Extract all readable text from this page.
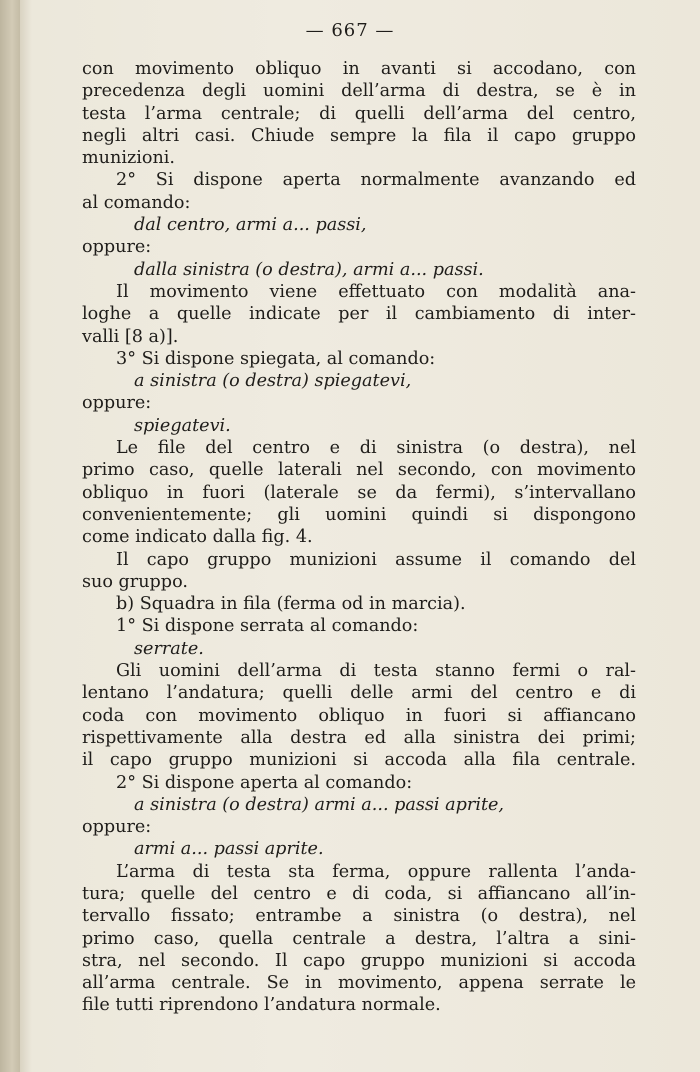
— 667 —
con movimento obliquo in avanti si accodano, con
precedenza degli uomini dell’arma di destra, se è in
testa l’arma centrale; di quelli dell’arma del centro,
negli altri casi. Chiude sempre la fila il capo gruppo
munizioni.
2° Si dispone aperta normalmente avanzando ed
al comando:
dal centro, armi a... passi,
oppure:
dalla sinistra (o destra), armi a... passi.
Il movimento viene effettuato con modalità ana-
loghe a quelle indicate per il cambiamento di inter-
valli [8 a)].
3° Si dispone spiegata, al comando:
a sinistra (o destra) spiegatevi,
oppure:
spiegatevi.
Le file del centro e di sinistra (o destra), nel
primo caso, quelle laterali nel secondo, con movimento
obliquo in fuori (laterale se da fermi), s’intervallano
convenientemente; gli uomini quindi si dispongono
come indicato dalla fig. 4.
Il capo gruppo munizioni assume il comando del
suo gruppo.
b) Squadra in fila (ferma od in marcia).
1° Si dispone serrata al comando:
serrate.
Gli uomini dell’arma di testa stanno fermi o ral-
lentano l’andatura; quelli delle armi del centro e di
coda con movimento obliquo in fuori si affiancano
rispettivamente alla destra ed alla sinistra dei primi;
il capo gruppo munizioni si accoda alla fila centrale.
2° Si dispone aperta al comando:
a sinistra (o destra) armi a... passi aprite,
oppure:
armi a... passi aprite.
L’arma di testa sta ferma, oppure rallenta l’anda-
tura; quelle del centro e di coda, si affiancano all’in-
tervallo fissato; entrambe a sinistra (o destra), nel
primo caso, quella centrale a destra, l’altra a sini-
stra, nel secondo. Il capo gruppo munizioni si accoda
all’arma centrale. Se in movimento, appena serrate le
file tutti riprendono l’andatura normale.
